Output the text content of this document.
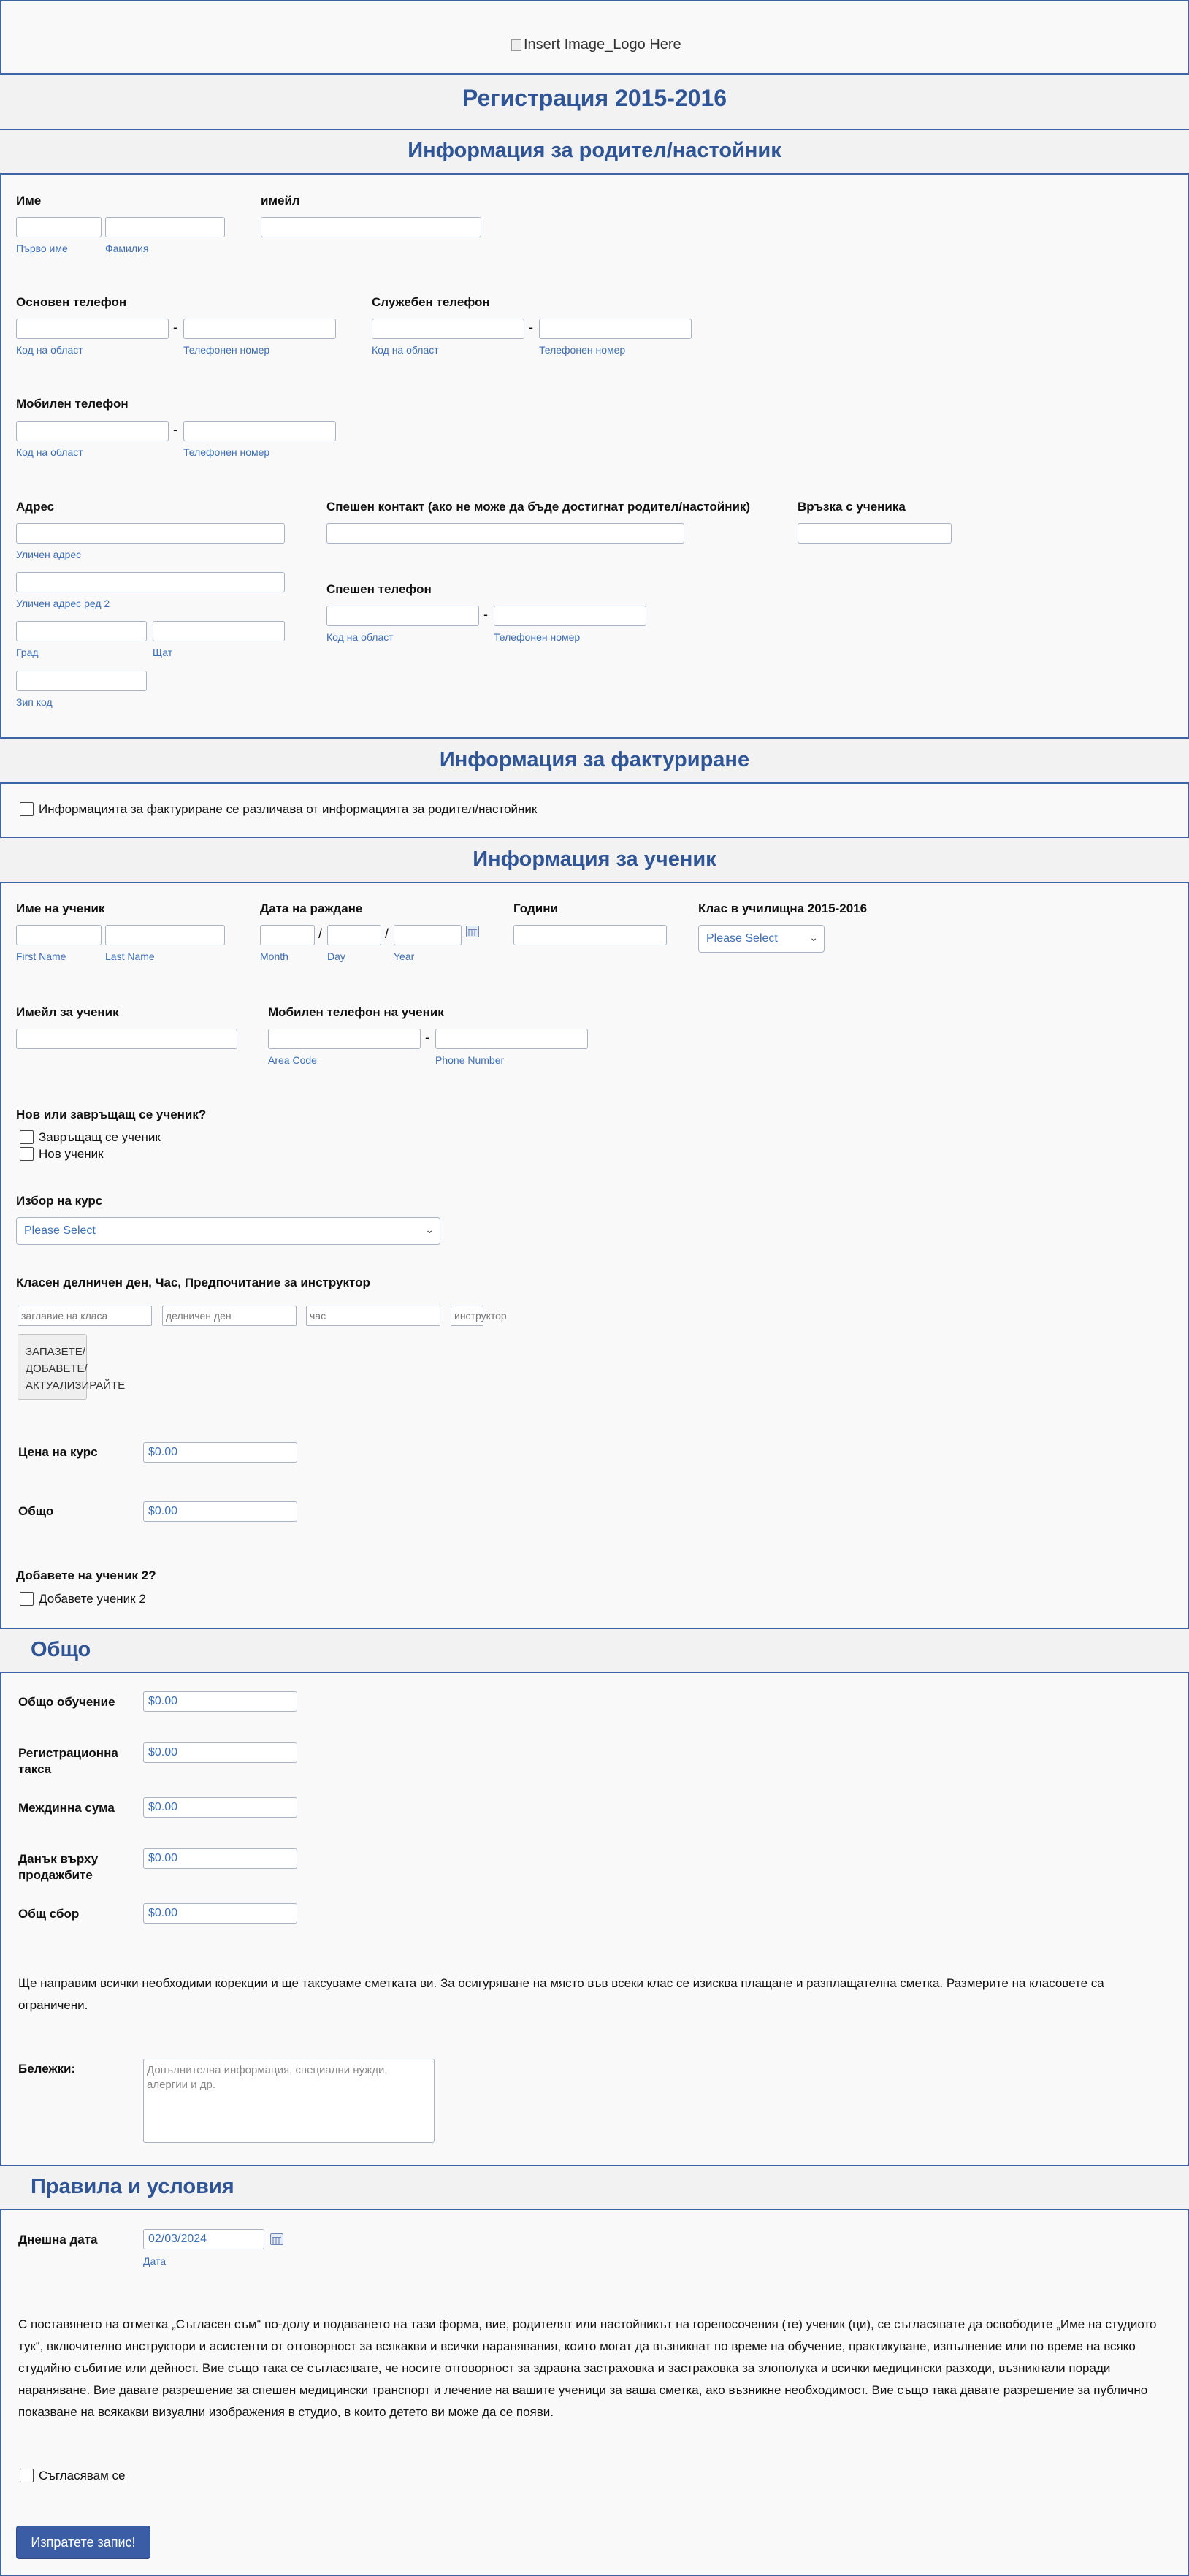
Insert Image_Logo Here
Регистрация 2015-2016
Информация за родител/настойник
Име
Първо име	Фамилия
имейл
Основен телефон
-
Код на област	Телефонен номер
Служебен телефон
-
Код на област	Телефонен номер
Мобилен телефон
-
Код на област	Телефонен номер
Адрес
Уличен адрес
Уличен адрес ред 2
Град	Щат
Зип код
Спешен контакт (ако не може да бъде достигнат родител/настойник)	Връзка с ученика
Спешен телефон
-
Код на област	Телефонен номер
Информация за фактуриране
Информацията за фактуриране се различава от информацията за родител/настойник
Информация за ученик
Име на ученик
First Name	Last Name
Дата на раждане
/	/
Month	Day	Year
Години	Клас в училищна 2015-2016
Please Select	⌄
Имейл за ученик	Мобилен телефон на ученик
-
Area Code	Phone Number
Нов или завръщащ се ученик?
Завръщащ се ученик
Нов ученик
Избор на курс
Please Select	⌄
Класен делничен ден, Час, Предпочитание за инструктор
заглавие на класа	делничен ден	час	инструктор
ЗАПАЗЕТЕ/ ДОБАВЕТЕ/ АКТУАЛИЗИРАЙТЕ
Цена на курс	$0.00
Общо	$0.00
Добавете на ученик 2?
Добавете ученик 2
Общо
Общо обучение	$0.00
Регистрационна такса
$0.00
Междинна сума	$0.00
Данък върху продажбите
$0.00
Общ сбор	$0.00
Ще направим всички необходими корекции и ще таксуваме сметката ви. За осигуряване на място във всеки клас се изисква плащане и разплащателна сметка. Размерите на класовете са ограничени.
Бележки:	Допълнителна информация, специални нужди, алергии и др.
Правила и условия
Днешна дата	02/03/2024
Дата
С поставянето на отметка „Съгласен съм“ по-долу и подаването на тази форма, вие, родителят или настойникът на горепосочения (те) ученик (ци), се съгласявате да освободите „Име на студиото тук“, включително инструктори и асистенти от отговорност за всякакви и всички наранявания, които могат да възникнат по време на обучение, практикуване, изпълнение или по време на всяко студийно събитие или дейност. Вие също така се съгласявате, че носите отговорност за здравна застраховка и застраховка за злополука и всички медицински разходи, възникнали поради нараняване. Вие давате разрешение за спешен медицински транспорт и лечение на вашите ученици за ваша сметка, ако възникне необходимост. Вие също така давате разрешение за публично показване на всякакви визуални изображения в студио, в които детето ви може да се появи.
Съгласявам се
Изпратете запис!
